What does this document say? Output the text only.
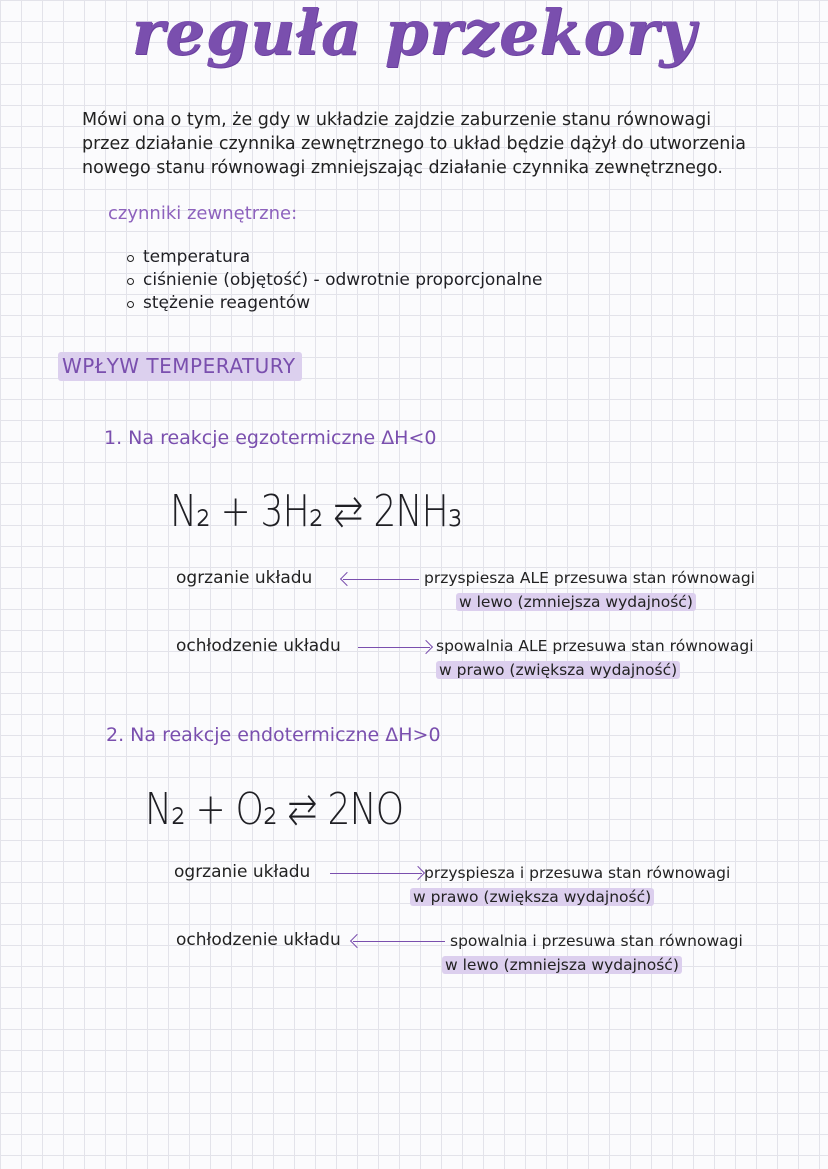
reguła przekory
Mówi ona o tym, że gdy w układzie zajdzie zaburzenie stanu równowagi
przez działanie czynnika zewnętrznego to układ będzie dążył do utworzenia
nowego stanu równowagi zmniejszając działanie czynnika zewnętrznego.
czynniki zewnętrzne:
temperatura
ciśnienie (objętość) - odwrotnie proporcjonalne
stężenie reagentów
WPŁYW TEMPERATURY
1. Na reakcje egzotermiczne ΔH<0
N₂ + 3H₂ ⇄ 2NH₃
ogrzanie układu	przyspiesza ALE przesuwa stan równowagi
w lewo (zmniejsza wydajność)
ochłodzenie układu	spowalnia ALE przesuwa stan równowagi
w prawo (zwiększa wydajność)
2. Na reakcje endotermiczne ΔH>0
N₂ + O₂ ⇄ 2NO
ogrzanie układu	przyspiesza i przesuwa stan równowagi
w prawo (zwiększa wydajność)
ochłodzenie układu	spowalnia i przesuwa stan równowagi
w lewo (zmniejsza wydajność)
